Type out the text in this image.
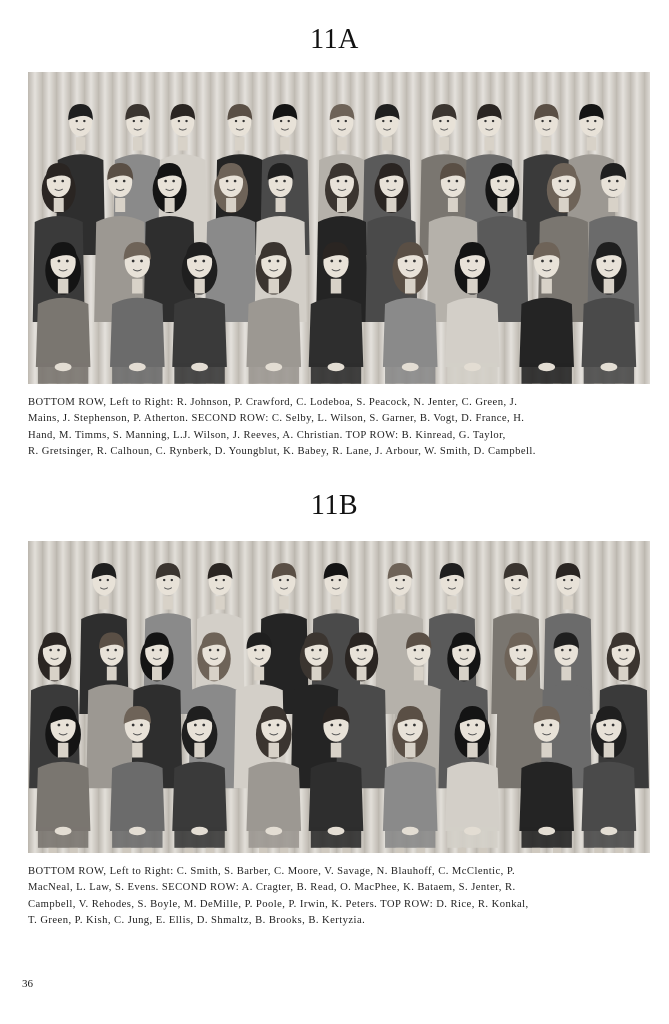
11A
BOTTOM ROW, Left to Right: R. Johnson, P. Crawford, C. Lodeboa, S. Peacock, N. Jenter, C. Green, J.
Mains, J. Stephenson, P. Atherton. SECOND ROW: C. Selby, L. Wilson, S. Garner, B. Vogt, D. France, H.
Hand, M. Timms, S. Manning, L.J. Wilson, J. Reeves, A. Christian. TOP ROW: B. Kinread, G. Taylor,
R. Gretsinger, R. Calhoun, C. Rynberk, D. Youngblut, K. Babey, R. Lane, J. Arbour, W. Smith, D. Campbell.
11B
BOTTOM ROW, Left to Right: C. Smith, S. Barber, C. Moore, V. Savage, N. Blauhoff, C. McClentic, P.
MacNeal, L. Law, S. Evens. SECOND ROW: A. Cragter, B. Read, O. MacPhee, K. Bataem, S. Jenter, R.
Campbell, V. Rehodes, S. Boyle, M. DeMille, P. Poole, P. Irwin, K. Peters. TOP ROW: D. Rice, R. Konkal,
T. Green, P. Kish, C. Jung, E. Ellis, D. Shmaltz, B. Brooks, B. Kertyzia.
36
